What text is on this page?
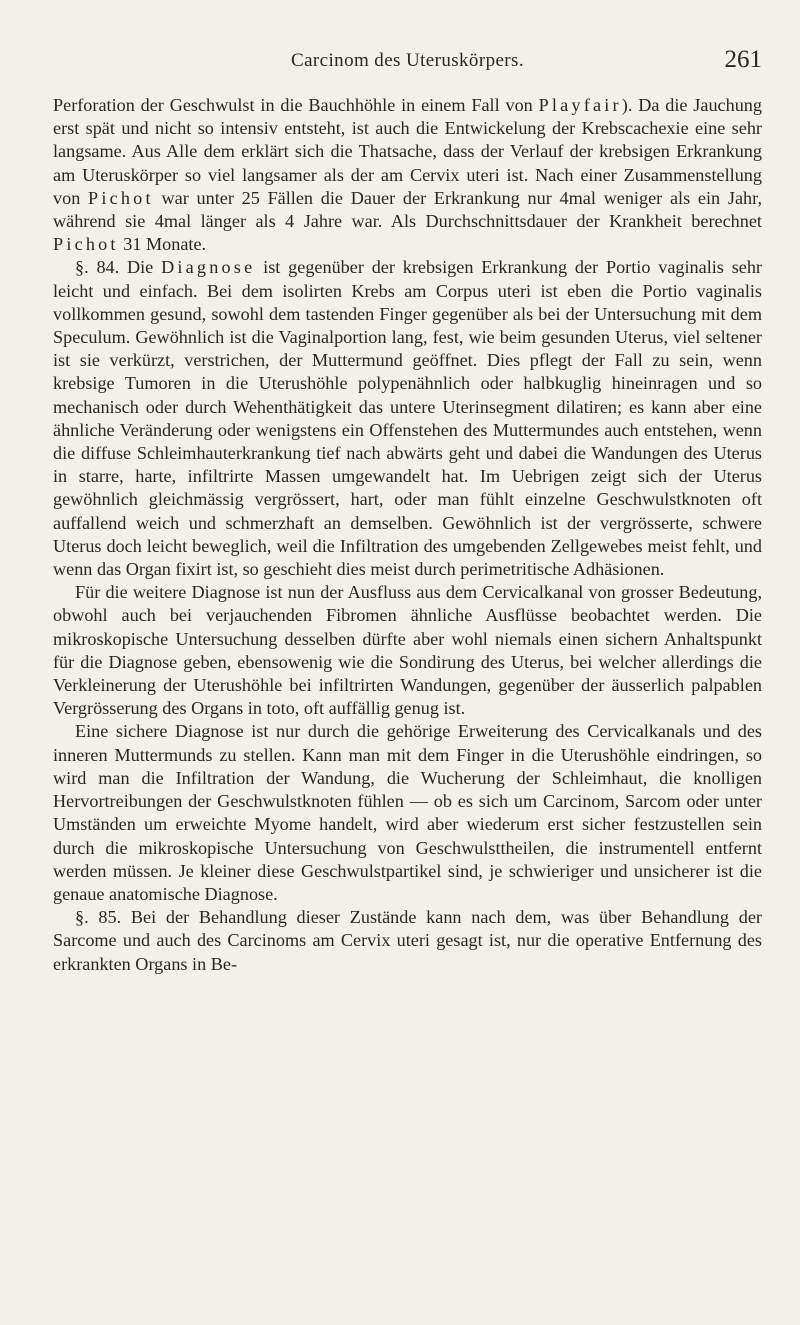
Carcinom des Uteruskörpers.	261

Perforation der Geschwulst in die Bauchhöhle in einem Fall von Playfair). Da die Jauchung erst spät und nicht so intensiv entsteht, ist auch die Entwickelung der Krebscachexie eine sehr langsame. Aus Alle dem erklärt sich die Thatsache, dass der Verlauf der krebsigen Erkrankung am Uteruskörper so viel langsamer als der am Cervix uteri ist. Nach einer Zusammenstellung von Pichot war unter 25 Fällen die Dauer der Erkrankung nur 4mal weniger als ein Jahr, während sie 4mal länger als 4 Jahre war. Als Durchschnittsdauer der Krankheit berechnet Pichot 31 Monate.

§. 84. Die Diagnose ist gegenüber der krebsigen Erkrankung der Portio vaginalis sehr leicht und einfach. Bei dem isolirten Krebs am Corpus uteri ist eben die Portio vaginalis vollkommen gesund, sowohl dem tastenden Finger gegenüber als bei der Untersuchung mit dem Speculum. Gewöhnlich ist die Vaginalportion lang, fest, wie beim gesunden Uterus, viel seltener ist sie verkürzt, verstrichen, der Muttermund geöffnet. Dies pflegt der Fall zu sein, wenn krebsige Tumoren in die Uterushöhle polypenähnlich oder halbkuglig hineinragen und so mechanisch oder durch Wehenthätigkeit das untere Uterinsegment dilatiren; es kann aber eine ähnliche Veränderung oder wenigstens ein Offenstehen des Muttermundes auch entstehen, wenn die diffuse Schleimhauterkrankung tief nach abwärts geht und dabei die Wandungen des Uterus in starre, harte, infiltrirte Massen umgewandelt hat. Im Uebrigen zeigt sich der Uterus gewöhnlich gleichmässig vergrössert, hart, oder man fühlt einzelne Geschwulstknoten oft auffallend weich und schmerzhaft an demselben. Gewöhnlich ist der vergrösserte, schwere Uterus doch leicht beweglich, weil die Infiltration des umgebenden Zellgewebes meist fehlt, und wenn das Organ fixirt ist, so geschieht dies meist durch perimetritische Adhäsionen.

Für die weitere Diagnose ist nun der Ausfluss aus dem Cervicalkanal von grosser Bedeutung, obwohl auch bei verjauchenden Fibromen ähnliche Ausflüsse beobachtet werden. Die mikroskopische Untersuchung desselben dürfte aber wohl niemals einen sichern Anhaltspunkt für die Diagnose geben, ebensowenig wie die Sondirung des Uterus, bei welcher allerdings die Verkleinerung der Uterushöhle bei infiltrirten Wandungen, gegenüber der äusserlich palpablen Vergrösserung des Organs in toto, oft auffällig genug ist.

Eine sichere Diagnose ist nur durch die gehörige Erweiterung des Cervicalkanals und des inneren Muttermunds zu stellen. Kann man mit dem Finger in die Uterushöhle eindringen, so wird man die Infiltration der Wandung, die Wucherung der Schleimhaut, die knolligen Hervortreibungen der Geschwulstknoten fühlen — ob es sich um Carcinom, Sarcom oder unter Umständen um erweichte Myome handelt, wird aber wiederum erst sicher festzustellen sein durch die mikroskopische Untersuchung von Geschwulsttheilen, die instrumentell entfernt werden müssen. Je kleiner diese Geschwulstpartikel sind, je schwieriger und unsicherer ist die genaue anatomische Diagnose.

§. 85. Bei der Behandlung dieser Zustände kann nach dem, was über Behandlung der Sarcome und auch des Carcinoms am Cervix uteri gesagt ist, nur die operative Entfernung des erkrankten Organs in Be-
